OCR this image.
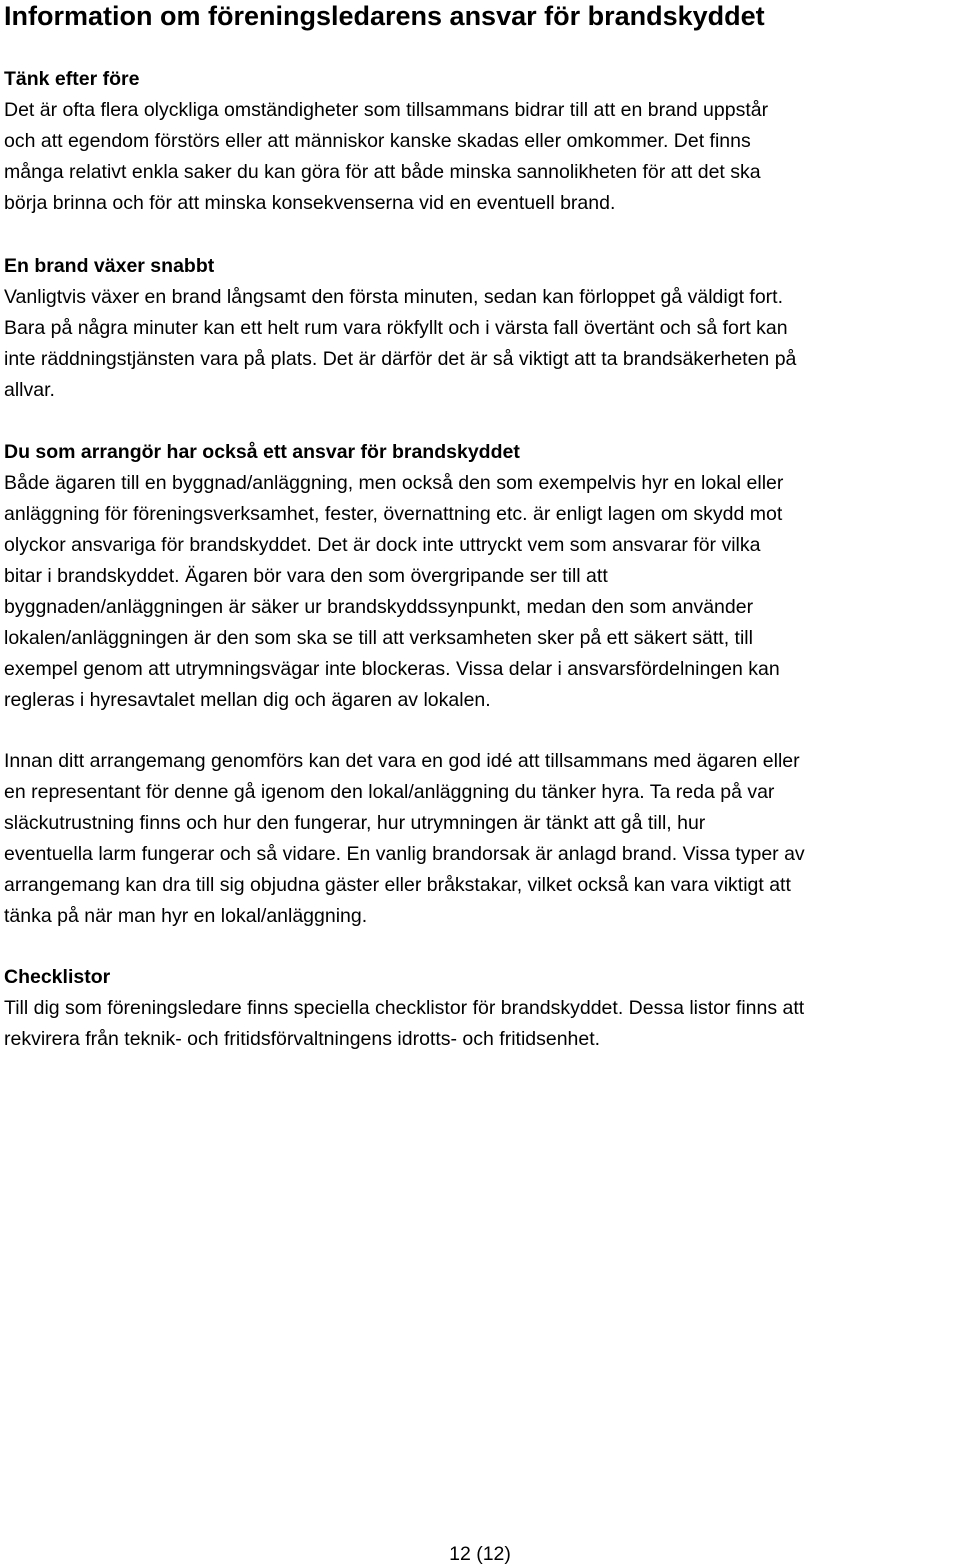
Information om föreningsledarens ansvar för brandskyddet
Tänk efter före

Det är ofta flera olyckliga omständigheter som tillsammans bidrar till att en brand uppstår
och att egendom förstörs eller att människor kanske skadas eller omkommer. Det finns
många relativt enkla saker du kan göra för att både minska sannolikheten för att det ska
börja brinna och för att minska konsekvenserna vid en eventuell brand.

En brand växer snabbt

Vanligtvis växer en brand långsamt den första minuten, sedan kan förloppet gå väldigt fort.
Bara på några minuter kan ett helt rum vara rökfyllt och i värsta fall övertänt och så fort kan
inte räddningstjänsten vara på plats. Det är därför det är så viktigt att ta brandsäkerheten på
allvar.

Du som arrangör har också ett ansvar för brandskyddet

Både ägaren till en byggnad/anläggning, men också den som exempelvis hyr en lokal eller
anläggning för föreningsverksamhet, fester, övernattning etc. är enligt lagen om skydd mot
olyckor ansvariga för brandskyddet. Det är dock inte uttryckt vem som ansvarar för vilka
bitar i brandskyddet. Ägaren bör vara den som övergripande ser till att
byggnaden/anläggningen är säker ur brandskyddssynpunkt, medan den som använder
lokalen/anläggningen är den som ska se till att verksamheten sker på ett säkert sätt, till
exempel genom att utrymningsvägar inte blockeras. Vissa delar i ansvarsfördelningen kan
regleras i hyresavtalet mellan dig och ägaren av lokalen.

Innan ditt arrangemang genomförs kan det vara en god idé att tillsammans med ägaren eller
en representant för denne gå igenom den lokal/anläggning du tänker hyra. Ta reda på var
släckutrustning finns och hur den fungerar, hur utrymningen är tänkt att gå till, hur
eventuella larm fungerar och så vidare. En vanlig brandorsak är anlagd brand. Vissa typer av
arrangemang kan dra till sig objudna gäster eller bråkstakar, vilket också kan vara viktigt att
tänka på när man hyr en lokal/anläggning.

Checklistor

Till dig som föreningsledare finns speciella checklistor för brandskyddet. Dessa listor finns att
rekvirera från teknik- och fritidsförvaltningens idrotts- och fritidsenhet.

12 (12)
